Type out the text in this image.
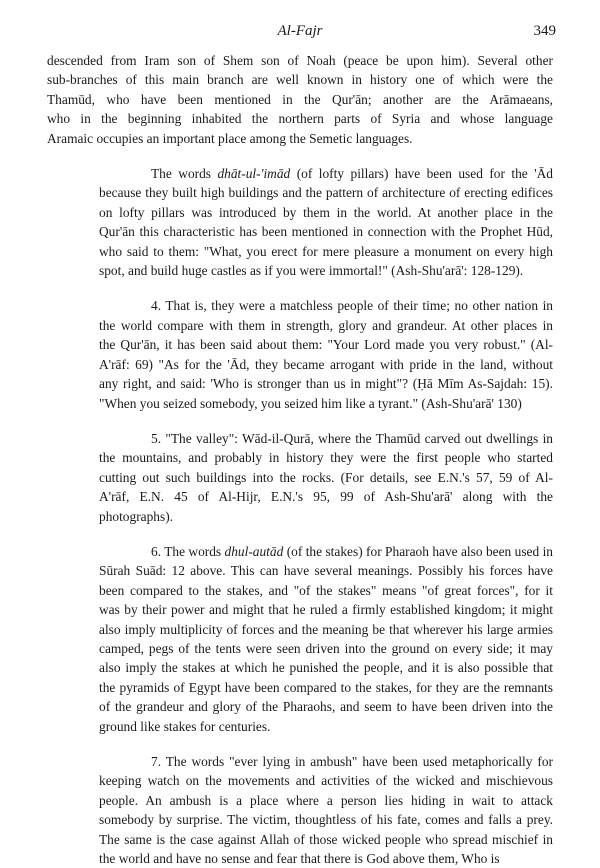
Al-Fajr	349

descended from Iram son of Shem son of Noah (peace be upon him). Several other
sub-branches of this main branch are well known in history one of which were the
Thamūd, who have been mentioned in the Qur'ān; another are the Arāmaeans,
who in the beginning inhabited the northern parts of Syria and whose language
Aramaic occupies an important place among the Semetic languages.

The words dhāt-ul-'imād (of lofty pillars) have been used for the 'Ād
because they built high buildings and the pattern of architecture of erecting edifices
on lofty pillars was introduced by them in the world. At another place in the
Qur'ān this characteristic has been mentioned in connection with the Prophet Hūd,
who said to them: "What, you erect for mere pleasure a monument on every high
spot, and build huge castles as if you were immortal!" (Ash-Shu'arā': 128-129).

4. That is, they were a matchless people of their time; no other nation in
the world compare with them in strength, glory and grandeur. At other places in
the Qur'ān, it has been said about them: "Your Lord made you very robust." (Al-
A'rāf: 69) "As for the 'Ād, they became arrogant with pride in the land, without
any right, and said: 'Who is stronger than us in might"? (Ḥā Mīm As-Sajdah: 15).
"When you seized somebody, you seized him like a tyrant." (Ash-Shu'arā' 130)

5. "The valley": Wād-il-Qurā, where the Thamūd carved out dwellings in
the mountains, and probably in history they were the first people who started
cutting out such buildings into the rocks. (For details, see E.N.'s 57, 59 of Al-
A'rāf, E.N. 45 of Al-Hijr, E.N.'s 95, 99 of Ash-Shu'arā' along with the
photographs).

6. The words dhul-autād (of the stakes) for Pharaoh have also been used in
Sūrah Suād: 12 above. This can have several meanings. Possibly his forces have
been compared to the stakes, and "of the stakes" means "of great forces", for it
was by their power and might that he ruled a firmly established kingdom; it might
also imply multiplicity of forces and the meaning be that wherever his large armies
camped, pegs of the tents were seen driven into the ground on every side; it may
also imply the stakes at which he punished the people, and it is also possible that
the pyramids of Egypt have been compared to the stakes, for they are the remnants
of the grandeur and glory of the Pharaohs, and seem to have been driven into the
ground like stakes for centuries.

7. The words "ever lying in ambush" have been used metaphorically for
keeping watch on the movements and activities of the wicked and mischievous
people. An ambush is a place where a person lies hiding in wait to attack
somebody by surprise. The victim, thoughtless of his fate, comes and falls a prey.
The same is the case against Allah of those wicked people who spread mischief in
the world and have no sense and fear that there is God above them, Who is
